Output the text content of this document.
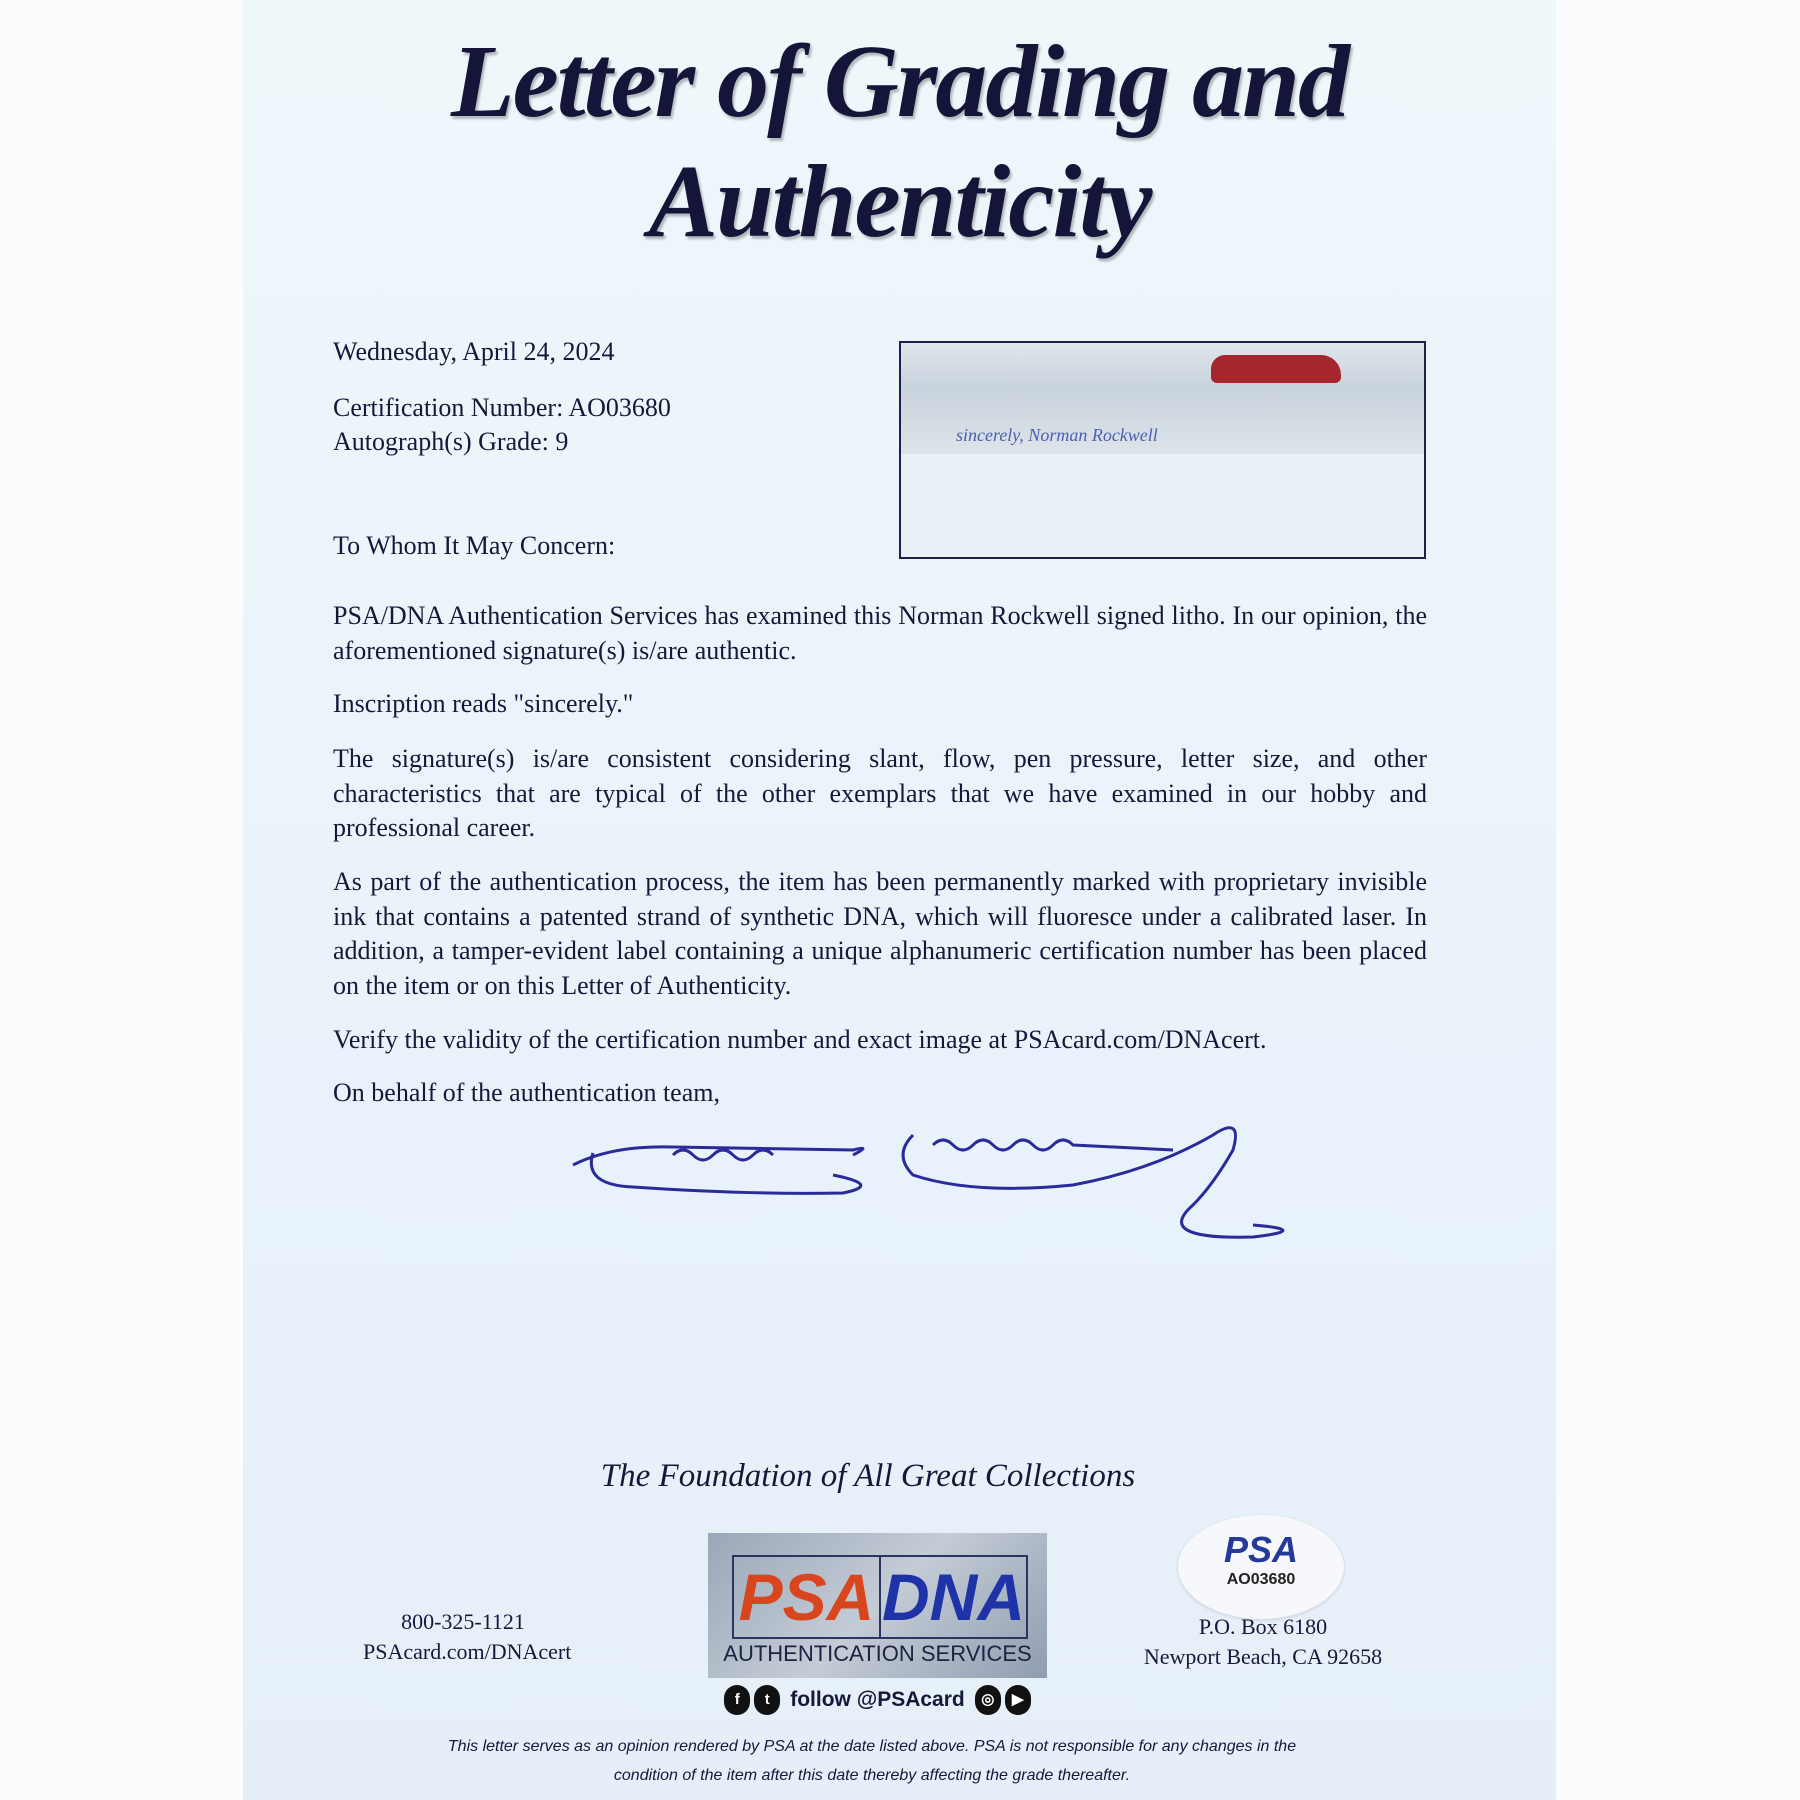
Letter of Grading and
Authenticity
Wednesday, April 24, 2024
Certification Number: AO03680
Autograph(s) Grade: 9	sincerely, Norman Rockwell
To Whom It May Concern:

PSA/DNA Authentication Services has examined this Norman Rockwell signed litho. In our opinion, the aforementioned signature(s) is/are authentic.

Inscription reads "sincerely."

The signature(s) is/are consistent considering slant, flow, pen pressure, letter size, and other characteristics that are typical of the other exemplars that we have examined in our hobby and professional career.

As part of the authentication process, the item has been permanently marked with proprietary invisible ink that contains a patented strand of synthetic DNA, which will fluoresce under a calibrated laser. In addition, a tamper-evident label containing a unique alphanumeric certification number has been placed on the item or on this Letter of Authenticity.

Verify the validity of the certification number and exact image at PSAcard.com/DNAcert.

On behalf of the authentication team,

The Foundation of All Great Collections
800-325-1121
PSAcard.com/DNAcert
PSA DNA
AUTHENTICATION SERVICES
PSA
AO03680
P.O. Box 6180
Newport Beach, CA 92658
f	t follow @PSAcard	◎	▶
This letter serves as an opinion rendered by PSA at the date listed above. PSA is not responsible for any changes in the
condition of the item after this date thereby affecting the grade thereafter.
